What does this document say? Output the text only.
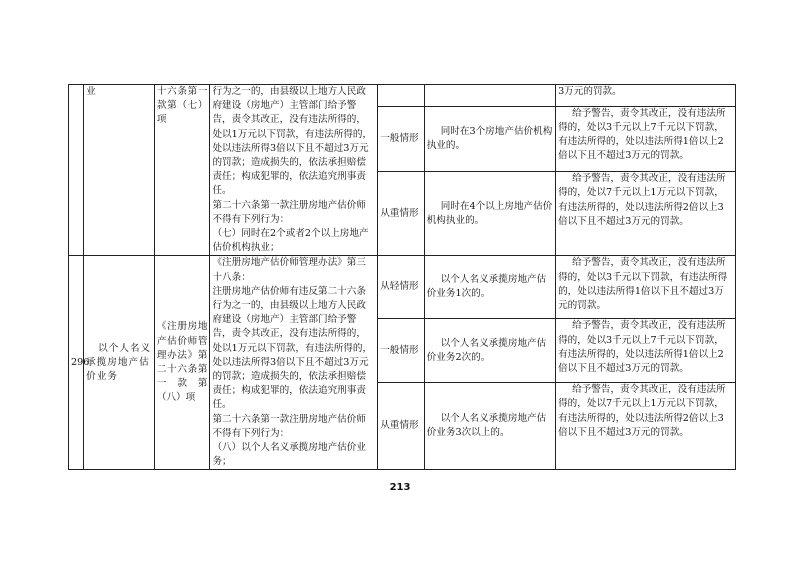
	业	十六条第一款第（七）项	行为之一的，由县级以上地方人民政府建设（房地产）主管部门给予警告，责令其改正，没有违法所得的，处以1万元以下罚款，有违法所得的，处以违法所得3倍以下且不超过3万元的罚款；造成损失的，依法承担赔偿责任；构成犯罪的，依法追究刑事责任。
第二十六条第一款注册房地产估价师不得有下列行为：
（七）同时在2个或者2个以上房地产估价机构执业；			3万元的罚款。
				一般情形	同时在3个房地产估价机构执业的。	给予警告，责令其改正，没有违法所得的，处以3千元以上7千元以下罚款，有违法所得的，处以违法所得1倍以上2倍以下且不超过3万元的罚款。
				从重情形	同时在4个以上房地产估价机构执业的。	给予警告，责令其改正，没有违法所得的，处以7千元以上1万元以下罚款，有违法所得的，处以违法所得2倍以上3倍以下且不超过3万元的罚款。
296	以个人名义承揽房地产估价业务	《注册房地产估价师管理办法》第二十六条第一款第（八）项	《注册房地产估价师管理办法》第三十八条：
注册房地产估价师有违反第二十六条行为之一的，由县级以上地方人民政府建设（房地产）主管部门给予警告，责令其改正，没有违法所得的，处以1万元以下罚款，有违法所得的，处以违法所得3倍以下且不超过3万元的罚款；造成损失的，依法承担赔偿责任；构成犯罪的，依法追究刑事责任。
第二十六条第一款注册房地产估价师不得有下列行为：
（八）以个人名义承揽房地产估价业务；	从轻情形	以个人名义承揽房地产估价业务1次的。	给予警告，责令其改正，没有违法所得的，处以3千元以下罚款，有违法所得的，处以违法所得1倍以下且不超过3万元的罚款。
				一般情形	以个人名义承揽房地产估价业务2次的。	给予警告，责令其改正，没有违法所得的，处以3千元以上7千元以下罚款，有违法所得的，处以违法所得1倍以上2倍以下且不超过3万元的罚款。
				从重情形	以个人名义承揽房地产估价业务3次以上的。	给予警告，责令其改正，没有违法所得的，处以7千元以上1万元以下罚款，有违法所得的，处以违法所得2倍以上3倍以下且不超过3万元的罚款。
213
